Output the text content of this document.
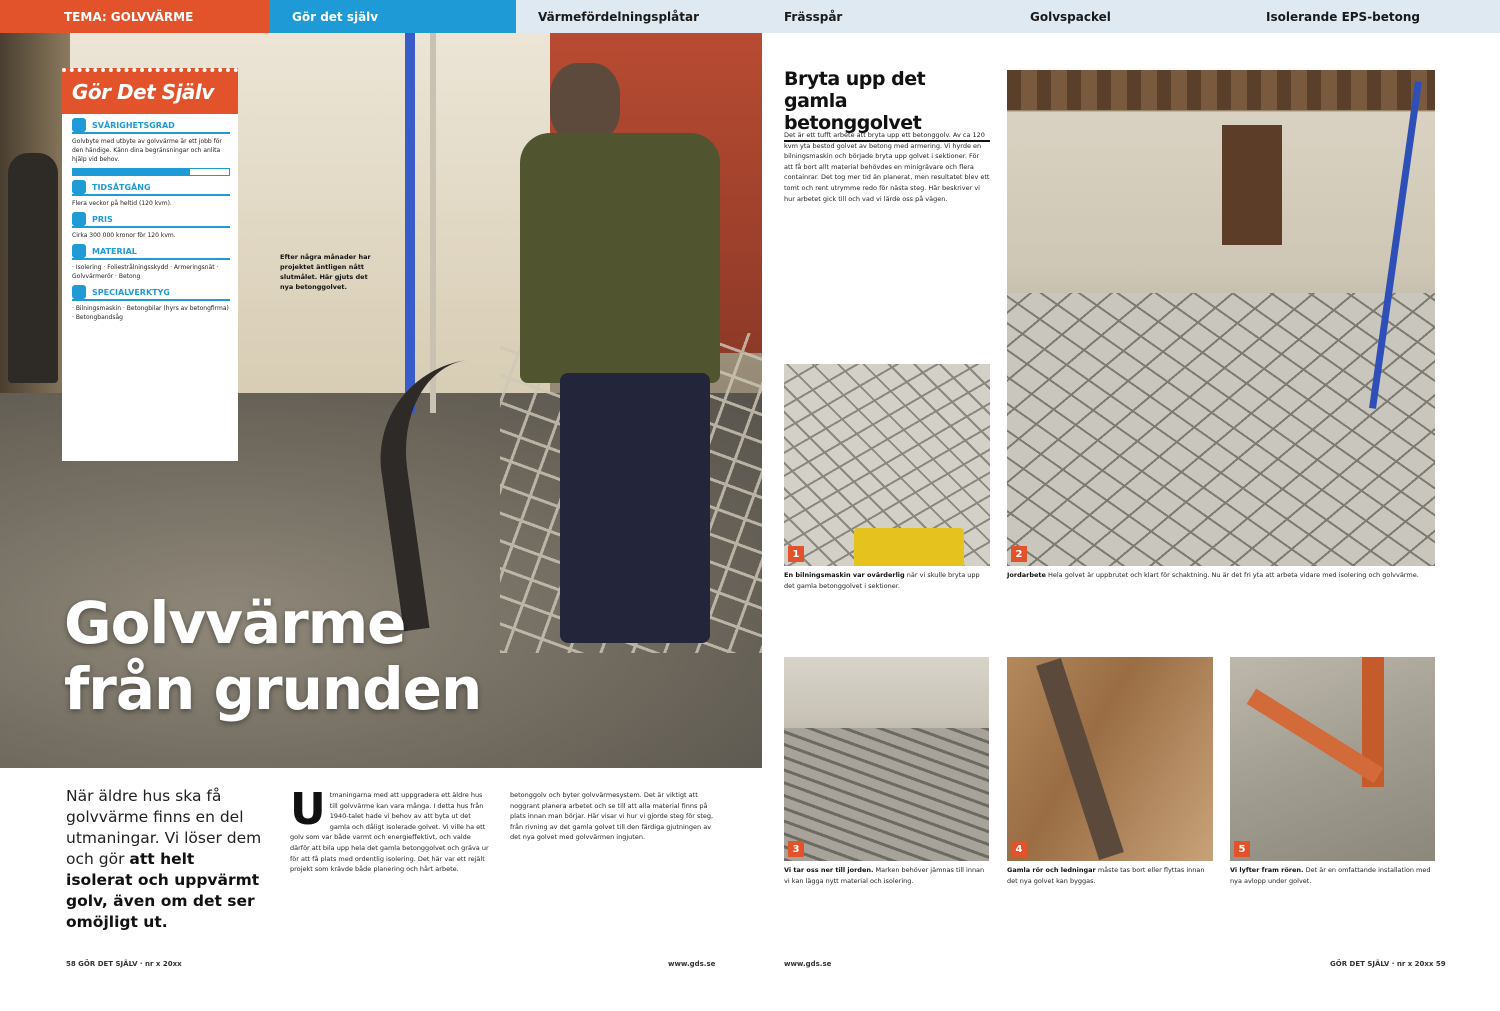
TEMA: GOLVVÄRME	Gör det själv	Värmefördelningsplåtar	Frässpår	Golvspackel	Isolerande EPS-betong
Efter några månader har projektet äntligen nått slutmålet. Här gjuts det nya betonggolvet.
Golvvärme
från grunden
Gör Det Själv
SVÅRIGHETSGRAD
Golvbyte med utbyte av golvvärme är ett jobb för den händige. Känn dina begränsningar och anlita hjälp vid behov.
TIDSÅTGÅNG
Flera veckor på heltid (120 kvm).
PRIS
Cirka 300 000 kronor för 120 kvm.
MATERIAL
· Isolering · Foliestrålningsskydd · Armeringsnät · Golvvärmerör · Betong
SPECIALVERKTYG
· Bilningsmaskin · Betongbilar (hyrs av betongfirma) · Betongbandsåg
När äldre hus ska få golvvärme finns en del utmaningar. Vi löser dem och gör att helt isolerat och uppvärmt golv, även om det ser omöjligt ut.
U tmaningarna med att uppgradera ett äldre hus till golvvärme kan vara många. I detta hus från 1940-talet hade vi behov av att byta ut det gamla och dåligt isolerade golvet. Vi ville ha ett golv som var både varmt och energieffektivt, och valde därför att bila upp hela det gamla betonggolvet och gräva ur för att få plats med ordentlig isolering. Det här var ett rejält projekt som krävde både planering och hårt arbete.
betonggolv och byter golvvärmesystem. Det är viktigt att noggrant planera arbetet och se till att alla material finns på plats innan man börjar. Här visar vi hur vi gjorde steg för steg, från rivning av det gamla golvet till den färdiga gjutningen av det nya golvet med golvvärmen ingjuten.
58 GÖR DET SJÄLV · nr x 20xx	www.gds.se
Bryta upp det gamla betonggolvet
Det är ett tufft arbete att bryta upp ett betonggolv. Av ca 120 kvm yta bestod golvet av betong med armering. Vi hyrde en bilningsmaskin och började bryta upp golvet i sektioner. För att få bort allt material behövdes en minigrävare och flera containrar. Det tog mer tid än planerat, men resultatet blev ett tomt och rent utrymme redo för nästa steg. Här beskriver vi hur arbetet gick till och vad vi lärde oss på vägen.
2
1
En bilningsmaskin var ovärderlig när vi skulle bryta upp det gamla betonggolvet i sektioner.
Jordarbete Hela golvet är uppbrutet och klart för schaktning. Nu är det fri yta att arbeta vidare med isolering och golvvärme.
3	4	5
Vi tar oss ner till jorden. Marken behöver jämnas till innan vi kan lägga nytt material och isolering.
Gamla rör och ledningar måste tas bort eller flyttas innan det nya golvet kan byggas.
Vi lyfter fram rören. Det är en omfattande installation med nya avlopp under golvet.
www.gds.se	GÖR DET SJÄLV · nr x 20xx 59
